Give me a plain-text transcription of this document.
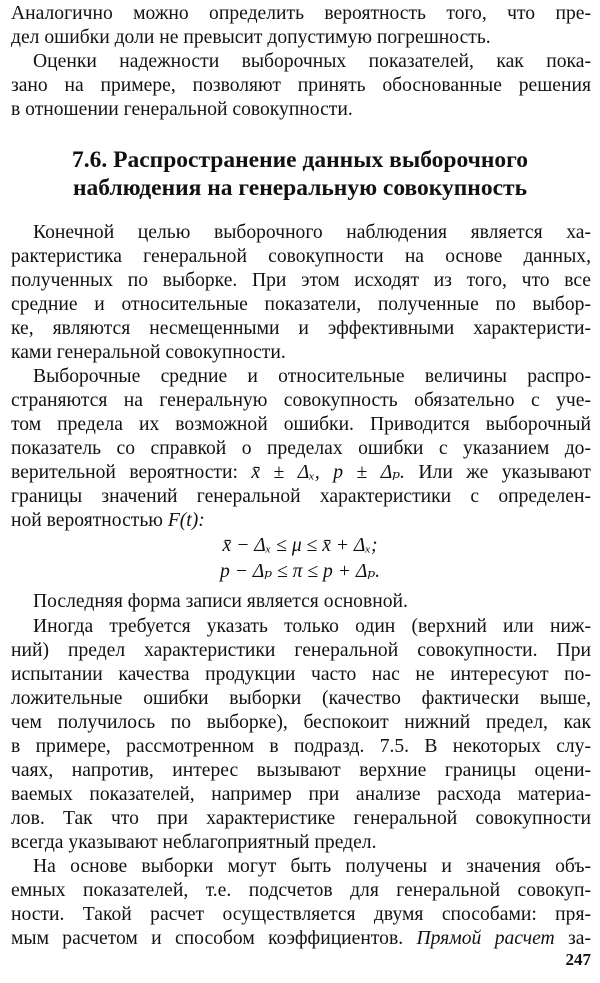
Аналогично можно определить вероятность того, что пре-
дел ошибки доли не превысит допустимую погрешность.
Оценки надежности выборочных показателей, как пока-
зано на примере, позволяют принять обоснованные решения
в отношении генеральной совокупности.
7.6. Распространение данных выборочного
наблюдения на генеральную совокупность
Конечной целью выборочного наблюдения является ха-
рактеристика генеральной совокупности на основе данных,
полученных по выборке. При этом исходят из того, что все
средние и относительные показатели, полученные по выбор-
ке, являются несмещенными и эффективными характеристи-
ками генеральной совокупности.
Выборочные средние и относительные величины распро-
страняются на генеральную совокупность обязательно с уче-
том предела их возможной ошибки. Приводится выборочный
показатель со справкой о пределах ошибки с указанием до-
верительной вероятности: x̄ ± Δₓ, p ± Δₚ. Или же указывают
границы значений генеральной характеристики с определен-
ной вероятностью F(t):
x̄ − Δₓ ≤ μ ≤ x̄ + Δₓ;
p − Δₚ ≤ π ≤ p + Δₚ.
Последняя форма записи является основной.
Иногда требуется указать только один (верхний или ниж-
ний) предел характеристики генеральной совокупности. При
испытании качества продукции часто нас не интересуют по-
ложительные ошибки выборки (качество фактически выше,
чем получилось по выборке), беспокоит нижний предел, как
в примере, рассмотренном в подразд. 7.5. В некоторых слу-
чаях, напротив, интерес вызывают верхние границы оцени-
ваемых показателей, например при анализе расхода материа-
лов. Так что при характеристике генеральной совокупности
всегда указывают неблагоприятный предел.
На основе выборки могут быть получены и значения объ-
емных показателей, т.е. подсчетов для генеральной совокуп-
ности. Такой расчет осуществляется двумя способами: пря-
мым расчетом и способом коэффициентов. Прямой расчет за-
247
